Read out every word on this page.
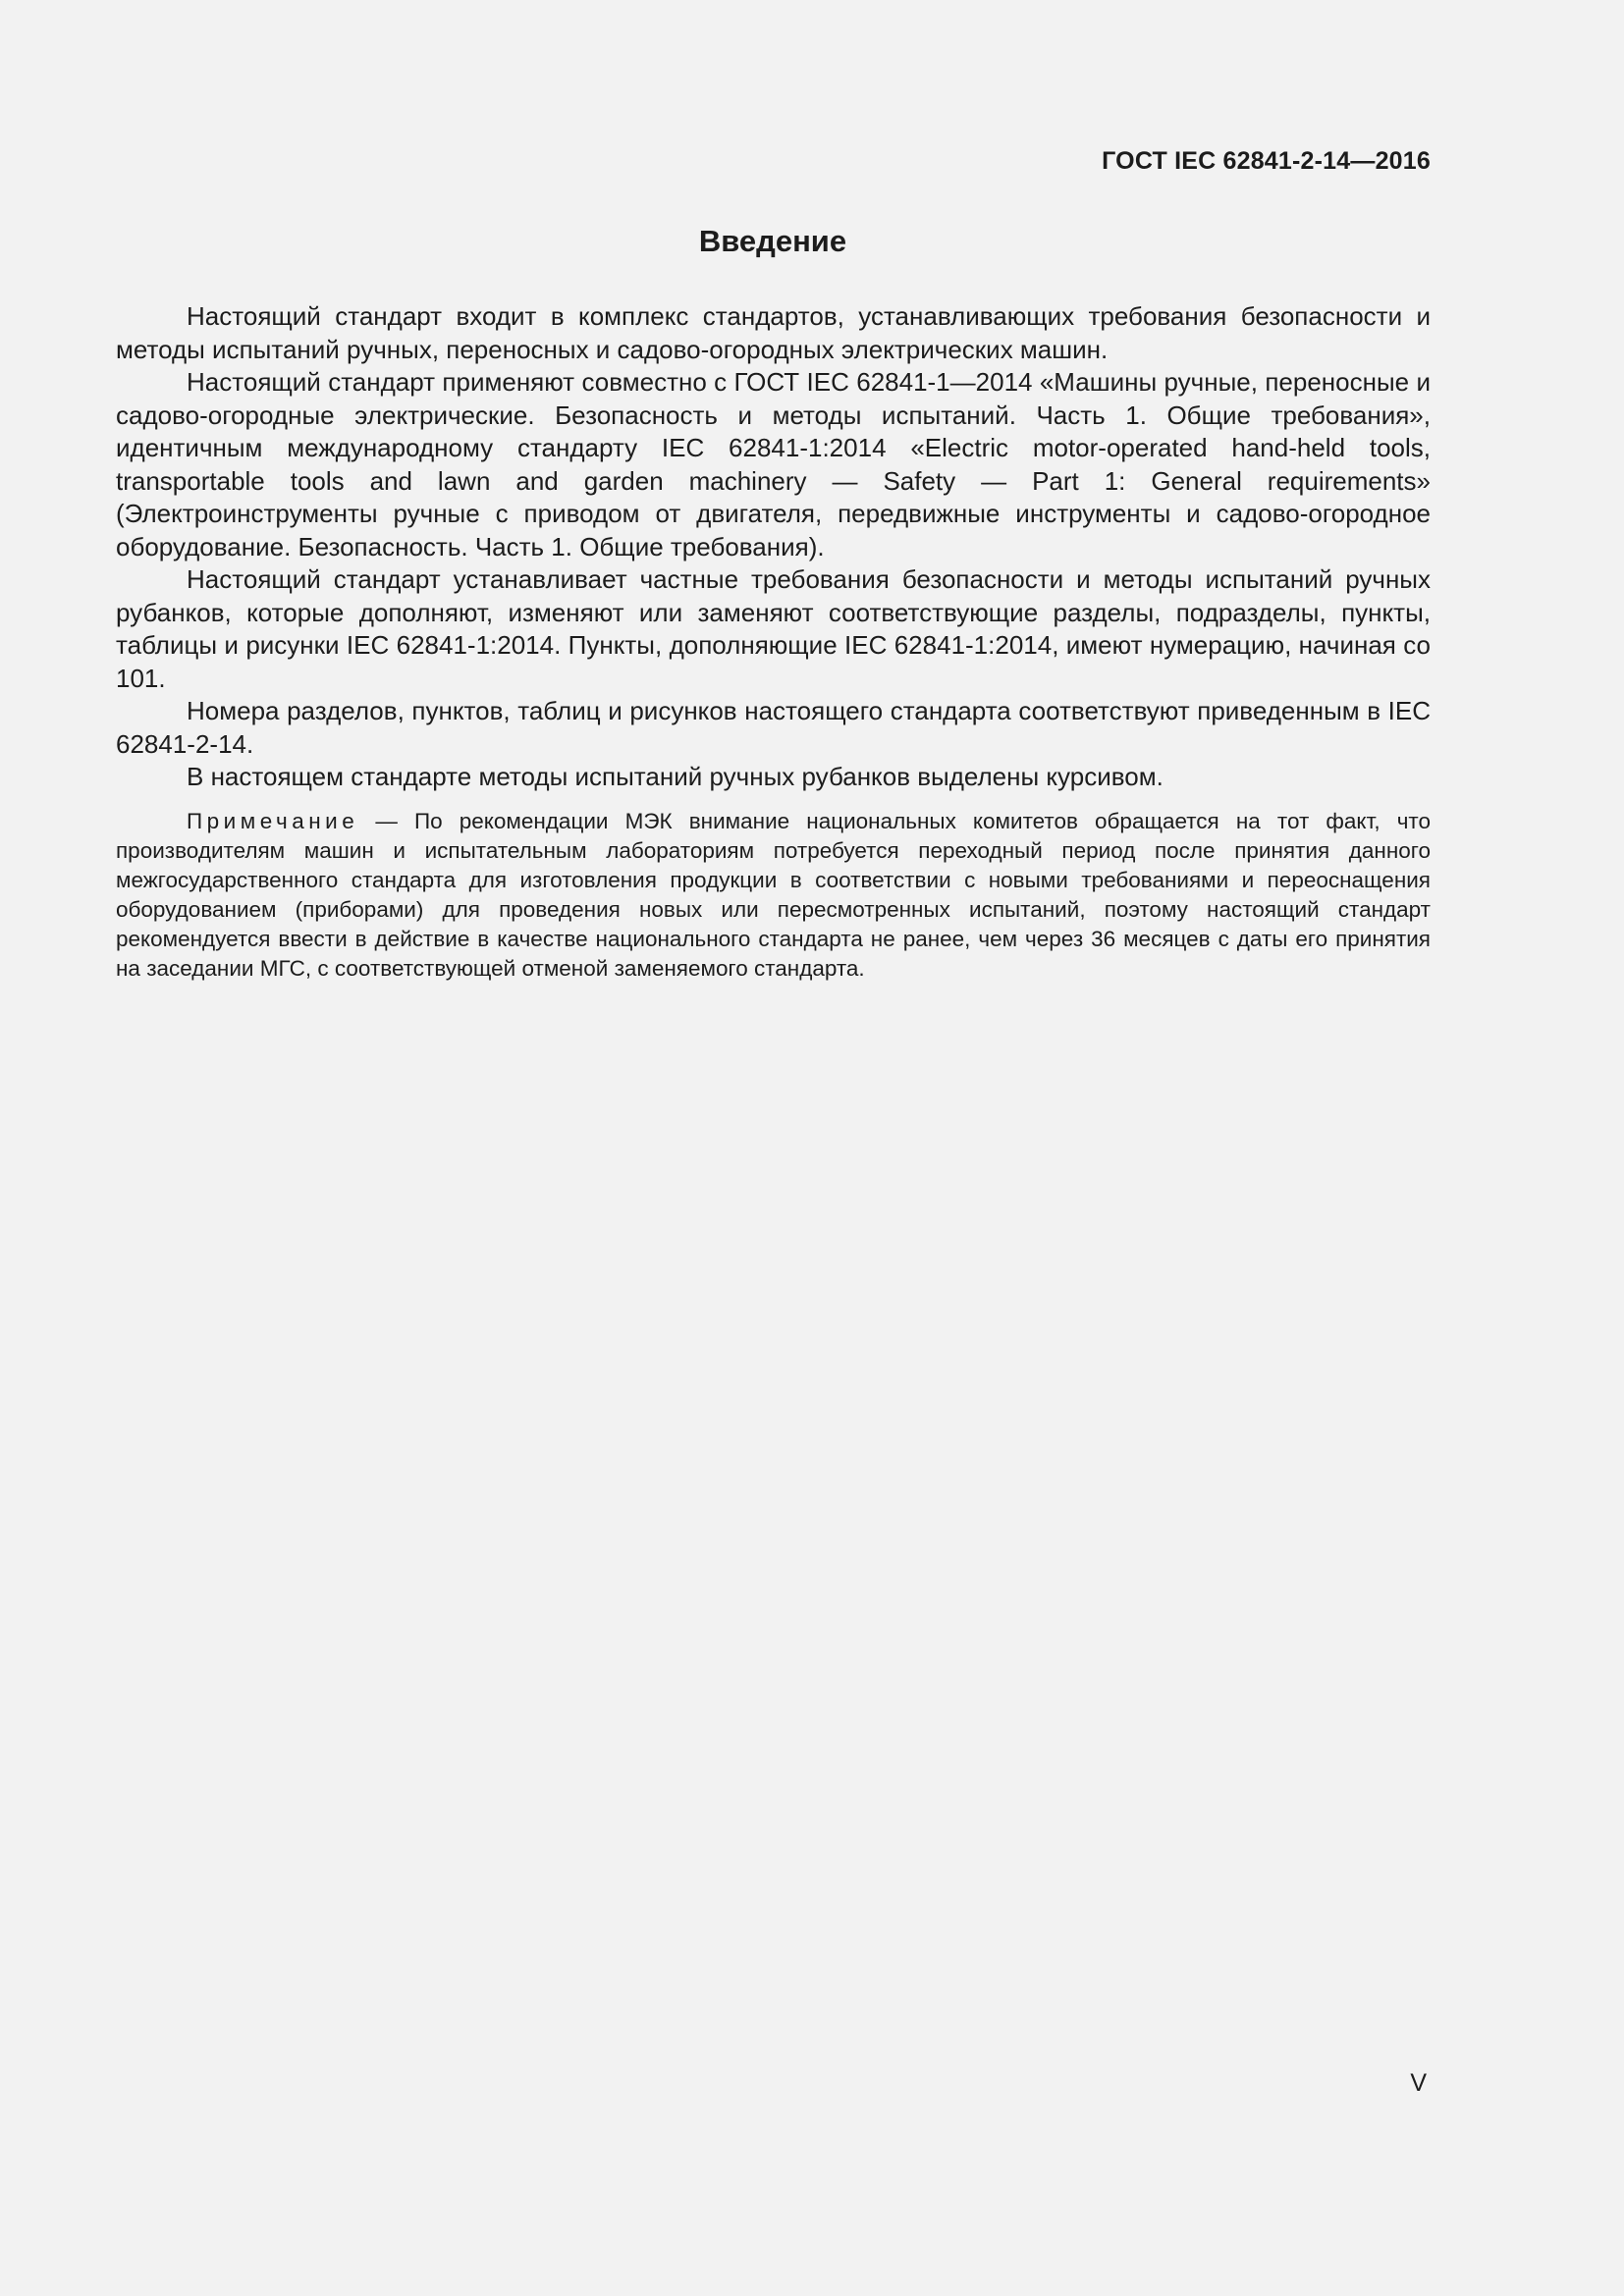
ГОСТ IEC 62841-2-14—2016
Введение

Настоящий стандарт входит в комплекс стандартов, устанавливающих требования безопасности и методы испытаний ручных, переносных и садово-огородных электрических машин.

Настоящий стандарт применяют совместно с ГОСТ IEC 62841-1—2014 «Машины ручные, переносные и садово-огородные электрические. Безопасность и методы испытаний. Часть 1. Общие требования», идентичным международному стандарту IEC 62841-1:2014 «Electric motor-operated hand-held tools, transportable tools and lawn and garden machinery — Safety — Part 1: General requirements» (Электроинструменты ручные с приводом от двигателя, передвижные инструменты и садово-огородное оборудование. Безопасность. Часть 1. Общие требования).

Настоящий стандарт устанавливает частные требования безопасности и методы испытаний ручных рубанков, которые дополняют, изменяют или заменяют соответствующие разделы, подразделы, пункты, таблицы и рисунки IEC 62841-1:2014. Пункты, дополняющие IEC 62841-1:2014, имеют нумерацию, начиная со 101.

Номера разделов, пунктов, таблиц и рисунков настоящего стандарта соответствуют приведенным в IEC 62841-2-14.

В настоящем стандарте методы испытаний ручных рубанков выделены курсивом.

Примечание — По рекомендации МЭК внимание национальных комитетов обращается на тот факт, что производителям машин и испытательным лабораториям потребуется переходный период после принятия данного межгосударственного стандарта для изготовления продукции в соответствии с новыми требованиями и переоснащения оборудованием (приборами) для проведения новых или пересмотренных испытаний, поэтому настоящий стандарт рекомендуется ввести в действие в качестве национального стандарта не ранее, чем через 36 месяцев с даты его принятия на заседании МГС, с соответствующей отменой заменяемого стандарта.

V
